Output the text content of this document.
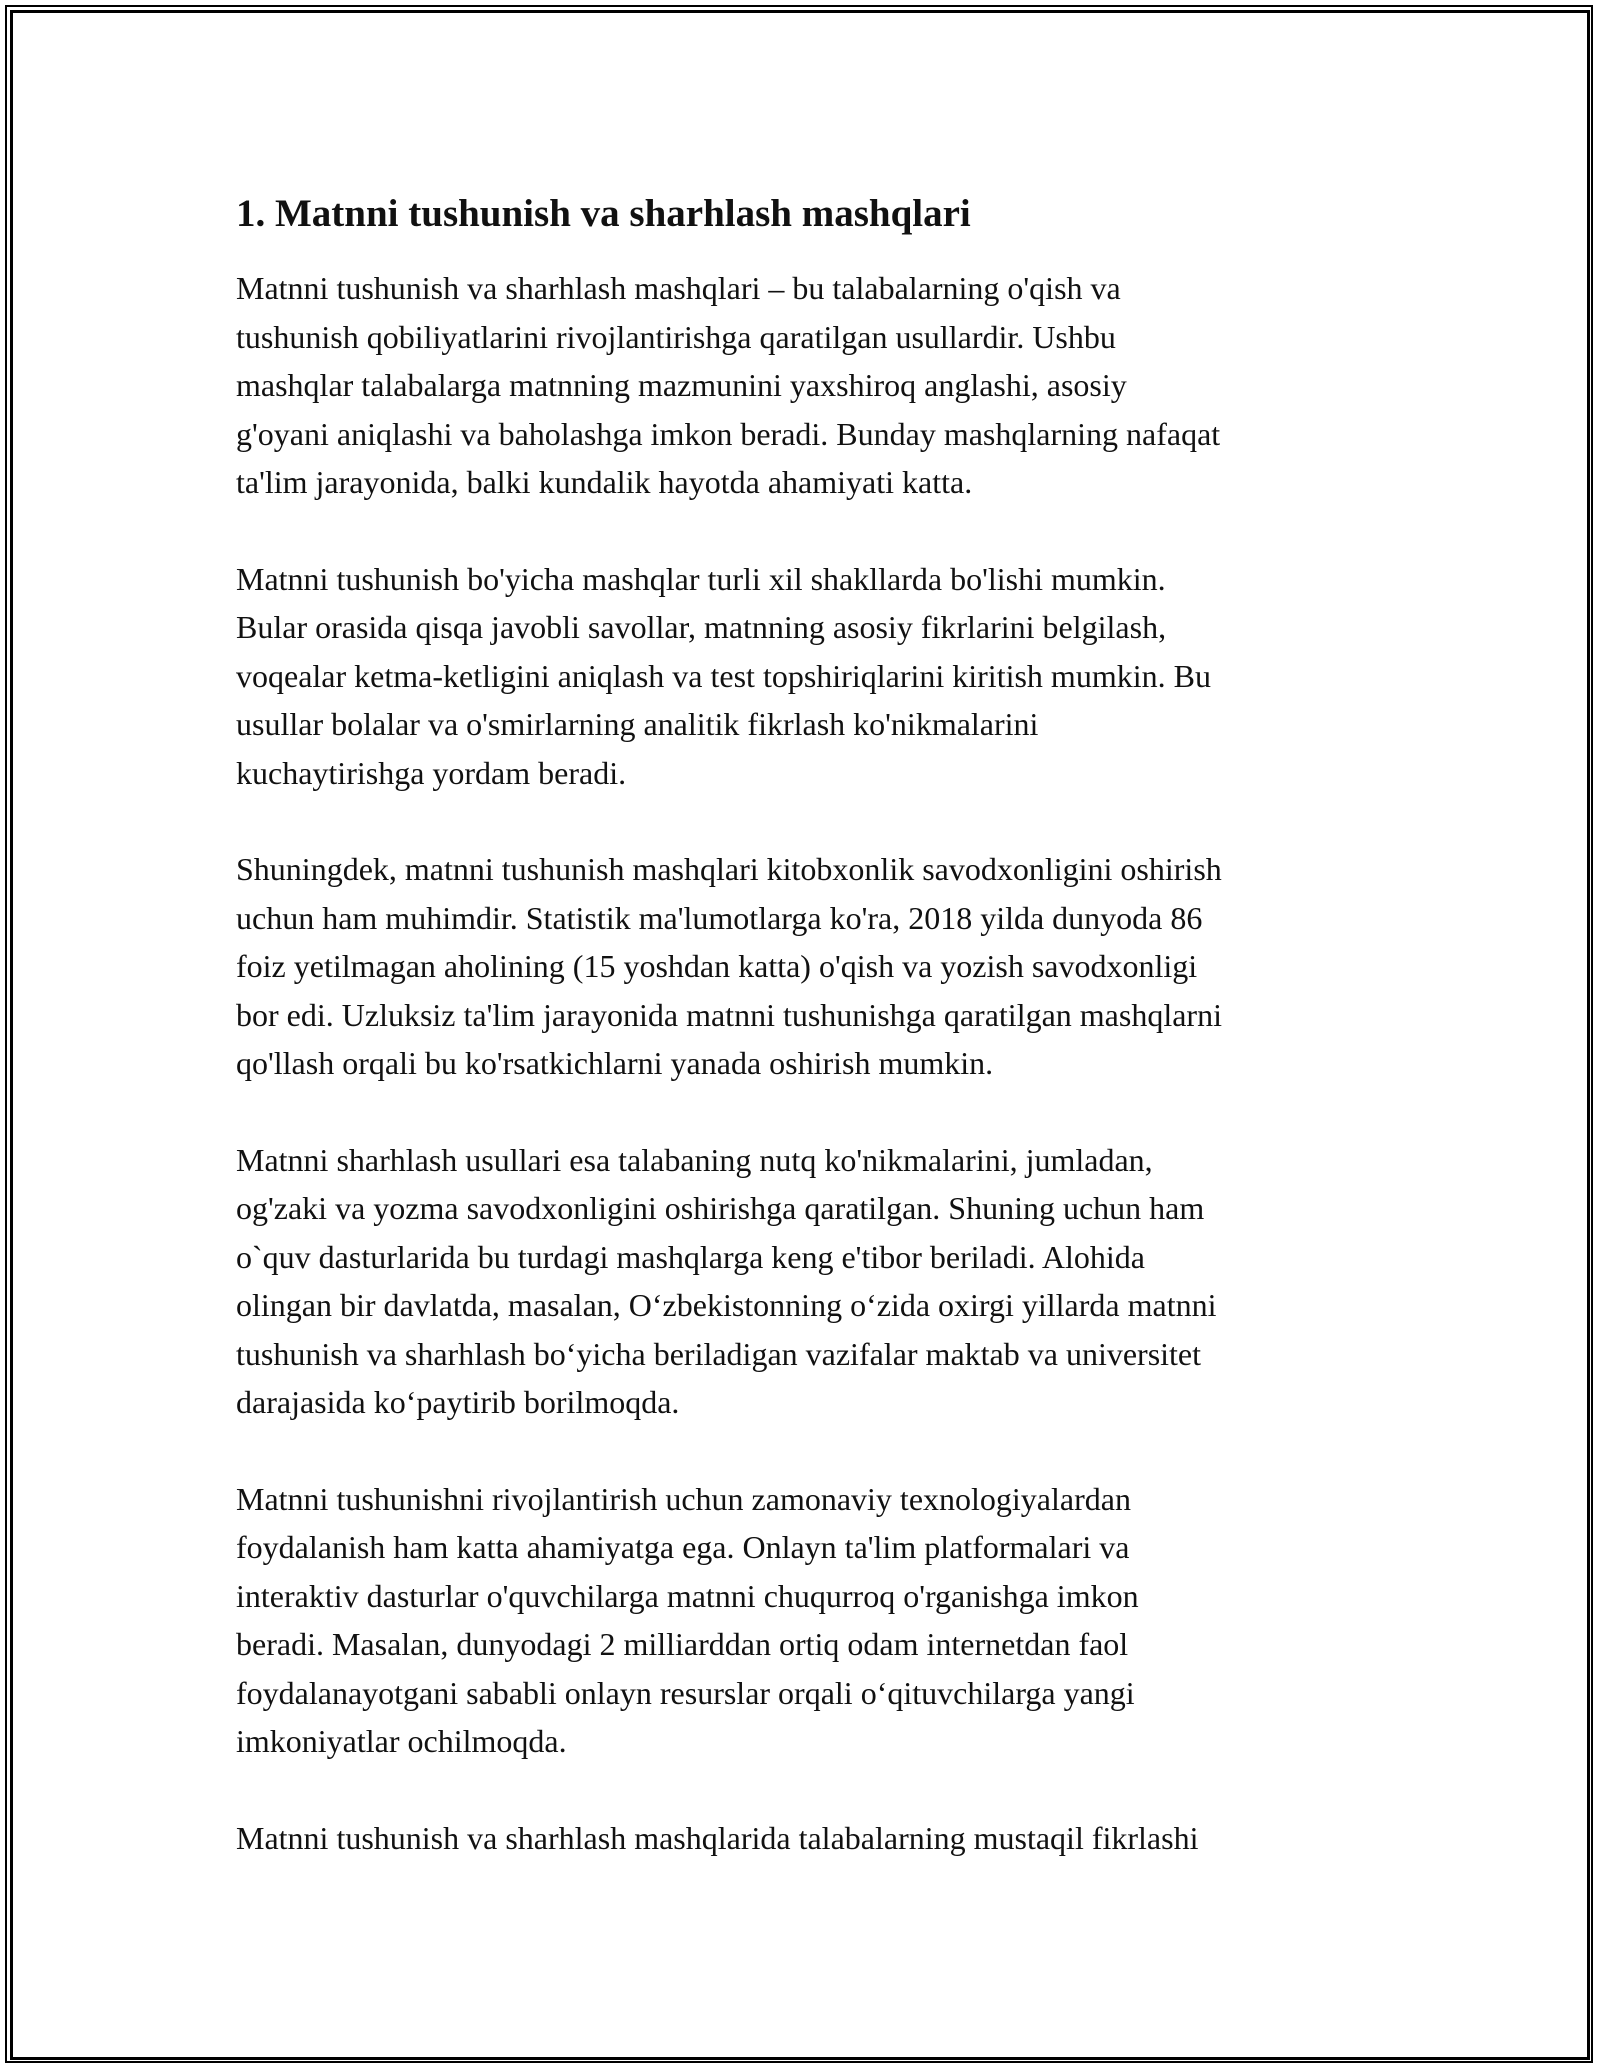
1. Matnni tushunish va sharhlash mashqlari

Matnni tushunish va sharhlash mashqlari – bu talabalarning o'qish va
tushunish qobiliyatlarini rivojlantirishga qaratilgan usullardir. Ushbu
mashqlar talabalarga matnning mazmunini yaxshiroq anglashi, asosiy
g'oyani aniqlashi va baholashga imkon beradi. Bunday mashqlarning nafaqat
ta'lim jarayonida, balki kundalik hayotda ahamiyati katta.

Matnni tushunish bo'yicha mashqlar turli xil shakllarda bo'lishi mumkin.
Bular orasida qisqa javobli savollar, matnning asosiy fikrlarini belgilash,
voqealar ketma-ketligini aniqlash va test topshiriqlarini kiritish mumkin. Bu
usullar bolalar va o'smirlarning analitik fikrlash ko'nikmalarini
kuchaytirishga yordam beradi.

Shuningdek, matnni tushunish mashqlari kitobxonlik savodxonligini oshirish
uchun ham muhimdir. Statistik ma'lumotlarga ko'ra, 2018 yilda dunyoda 86
foiz yetilmagan aholining (15 yoshdan katta) o'qish va yozish savodxonligi
bor edi. Uzluksiz ta'lim jarayonida matnni tushunishga qaratilgan mashqlarni
qo'llash orqali bu ko'rsatkichlarni yanada oshirish mumkin.

Matnni sharhlash usullari esa talabaning nutq ko'nikmalarini, jumladan,
og'zaki va yozma savodxonligini oshirishga qaratilgan. Shuning uchun ham
o`quv dasturlarida bu turdagi mashqlarga keng e'tibor beriladi. Alohida
olingan bir davlatda, masalan, O‘zbekistonning o‘zida oxirgi yillarda matnni
tushunish va sharhlash bo‘yicha beriladigan vazifalar maktab va universitet
darajasida ko‘paytirib borilmoqda.

Matnni tushunishni rivojlantirish uchun zamonaviy texnologiyalardan
foydalanish ham katta ahamiyatga ega. Onlayn ta'lim platformalari va
interaktiv dasturlar o'quvchilarga matnni chuqurroq o'rganishga imkon
beradi. Masalan, dunyodagi 2 milliarddan ortiq odam internetdan faol
foydalanayotgani sababli onlayn resurslar orqali o‘qituvchilarga yangi
imkoniyatlar ochilmoqda.

Matnni tushunish va sharhlash mashqlarida talabalarning mustaqil fikrlashi
